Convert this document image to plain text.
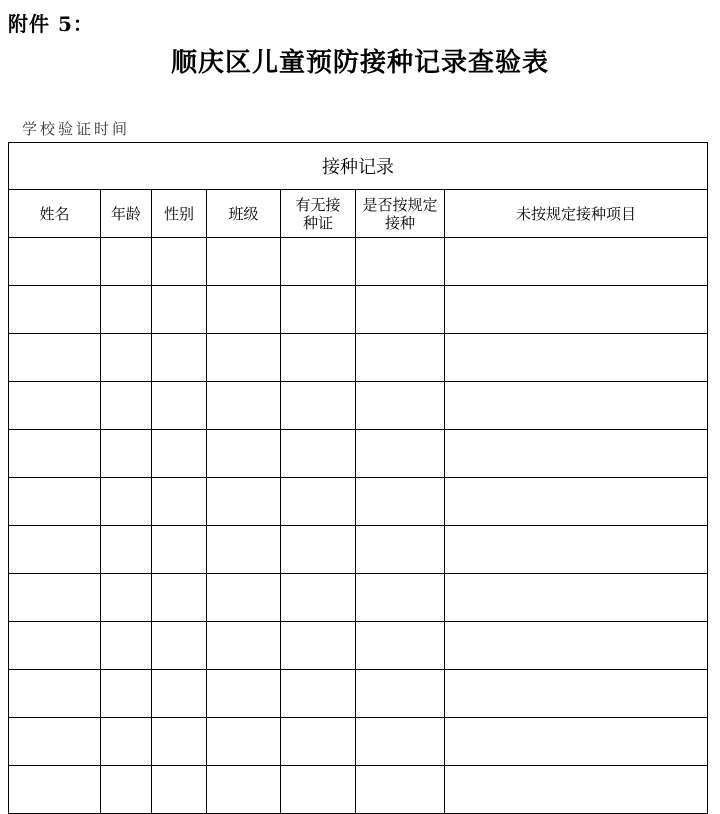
附件 5：
顺庆区儿童预防接种记录查验表
学校验证时间
接种记录						
姓名	年龄	性别	班级	有无接种证	是否按规定接种	未按规定接种项目
